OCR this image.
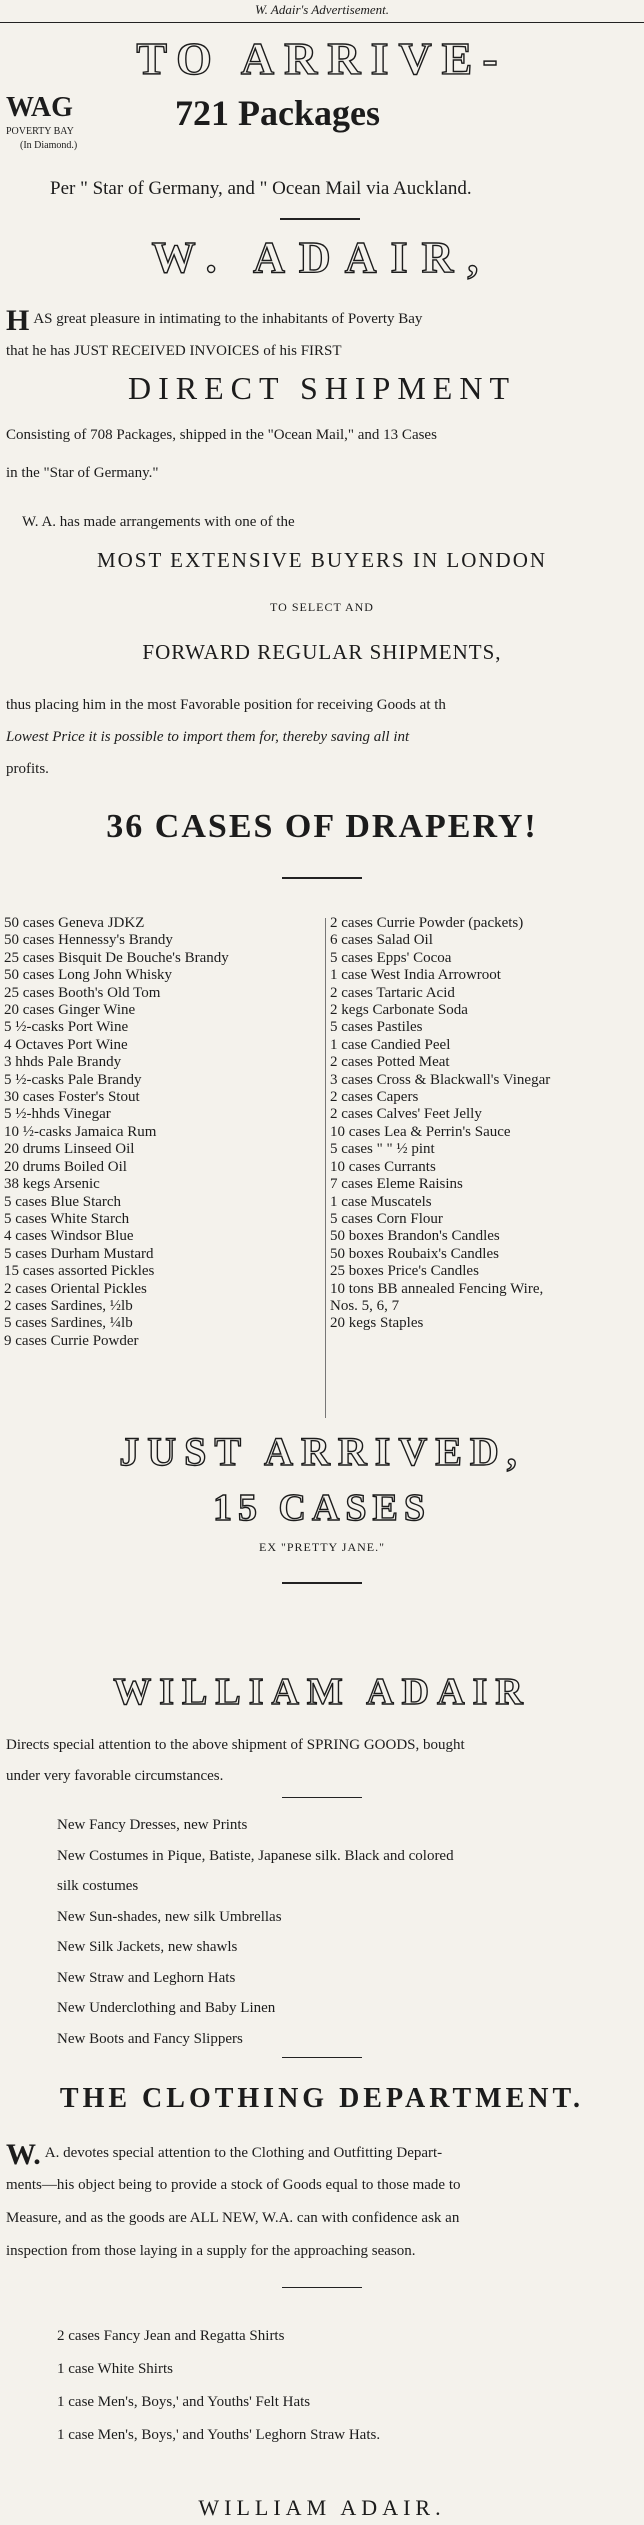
W. Adair's Advertisement.
TO ARRIVE-
WAG
POVERTY BAY
(In Diamond.)
721 Packages
Per " Star of Germany, and " Ocean Mail via Auckland.
W. ADAIR,
H AS great pleasure in intimating to the inhabitants of Poverty Bay
that he has JUST RECEIVED INVOICES of his FIRST
DIRECT SHIPMENT
Consisting of 708 Packages, shipped in the "Ocean Mail," and 13 Cases
in the "Star of Germany."
W. A. has made arrangements with one of the
MOST EXTENSIVE BUYERS IN LONDON
TO SELECT AND
FORWARD REGULAR SHIPMENTS,
thus placing him in the most Favorable position for receiving Goods at th
Lowest Price it is possible to import them for, thereby saving all int
profits.
36 CASES OF DRAPERY!
50 cases Geneva JDKZ
50 cases Hennessy's Brandy
25 cases Bisquit De Bouche's Brandy
50 cases Long John Whisky
25 cases Booth's Old Tom
20 cases Ginger Wine
5 ½-casks Port Wine
4 Octaves Port Wine
3 hhds Pale Brandy
5 ½-casks Pale Brandy
30 cases Foster's Stout
5 ½-hhds Vinegar
10 ½-casks Jamaica Rum
20 drums Linseed Oil
20 drums Boiled Oil
38 kegs Arsenic
5 cases Blue Starch
5 cases White Starch
4 cases Windsor Blue
5 cases Durham Mustard
15 cases assorted Pickles
2 cases Oriental Pickles
2 cases Sardines, ½lb
5 cases Sardines, ¼lb
9 cases Currie Powder
2 cases Currie Powder (packets)
6 cases Salad Oil
5 cases Epps' Cocoa
1 case West India Arrowroot
2 cases Tartaric Acid
2 kegs Carbonate Soda
5 cases Pastiles
1 case Candied Peel
2 cases Potted Meat
3 cases Cross & Blackwall's Vinegar
2 cases Capers
2 cases Calves' Feet Jelly
10 cases Lea & Perrin's Sauce
5 cases " " ½ pint
10 cases Currants
7 cases Eleme Raisins
1 case Muscatels
5 cases Corn Flour
50 boxes Brandon's Candles
50 boxes Roubaix's Candles
25 boxes Price's Candles
10 tons BB annealed Fencing Wire,
Nos. 5, 6, 7
20 kegs Staples
JUST ARRIVED,
15 CASES
EX "PRETTY JANE."
WILLIAM ADAIR
Directs special attention to the above shipment of SPRING GOODS, bought
under very favorable circumstances.
New Fancy Dresses, new Prints
New Costumes in Pique, Batiste, Japanese silk. Black and colored
silk costumes
New Sun-shades, new silk Umbrellas
New Silk Jackets, new shawls
New Straw and Leghorn Hats
New Underclothing and Baby Linen
New Boots and Fancy Slippers
THE CLOTHING DEPARTMENT.
W. A. devotes special attention to the Clothing and Outfitting Depart-
ments—his object being to provide a stock of Goods equal to those made to
Measure, and as the goods are ALL NEW, W.A. can with confidence ask an
inspection from those laying in a supply for the approaching season.
2 cases Fancy Jean and Regatta Shirts
1 case White Shirts
1 case Men's, Boys,' and Youths' Felt Hats
1 case Men's, Boys,' and Youths' Leghorn Straw Hats.
WILLIAM ADAIR.
